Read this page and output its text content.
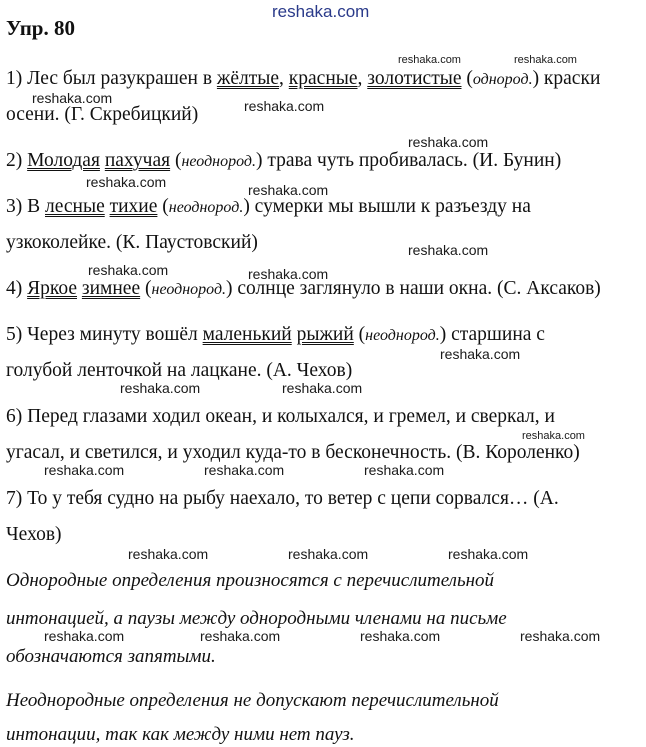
reshaka.com
Упр. 80
1) Лес был разукрашен в жёлтые, красные, золотистые (однород.) краски
осени. (Г. Скребицкий)
2) Молодая пахучая (неоднород.) трава чуть пробивалась. (И. Бунин)
3) В лесные тихие (неоднород.) сумерки мы вышли к разъезду на
узкоколейке. (К. Паустовский)
4) Яркое зимнее (неоднород.) солнце заглянуло в наши окна. (С. Аксаков)
5) Через минуту вошёл маленький рыжий (неоднород.) старшина с
голубой ленточкой на лацкане. (А. Чехов)
6) Перед глазами ходил океан, и колыхался, и гремел, и сверкал, и
угасал, и светился, и уходил куда-то в бесконечность. (В. Короленко)
7) То у тебя судно на рыбу наехало, то ветер с цепи сорвался… (А.
Чехов)
Однородные определения произносятся с перечислительной
интонацией, а паузы между однородными членами на письме
обозначаются запятыми.
Неоднородные определения не допускают перечислительной
интонации, так как между ними нет пауз.
reshaka.com	reshaka.com
reshaka.com	reshaka.com
reshaka.com
reshaka.com	reshaka.com
reshaka.com
reshaka.com	reshaka.com
reshaka.com
reshaka.com	reshaka.com
reshaka.com
reshaka.com	reshaka.com	reshaka.com
reshaka.com	reshaka.com	reshaka.com
reshaka.com	reshaka.com	reshaka.com	reshaka.com
